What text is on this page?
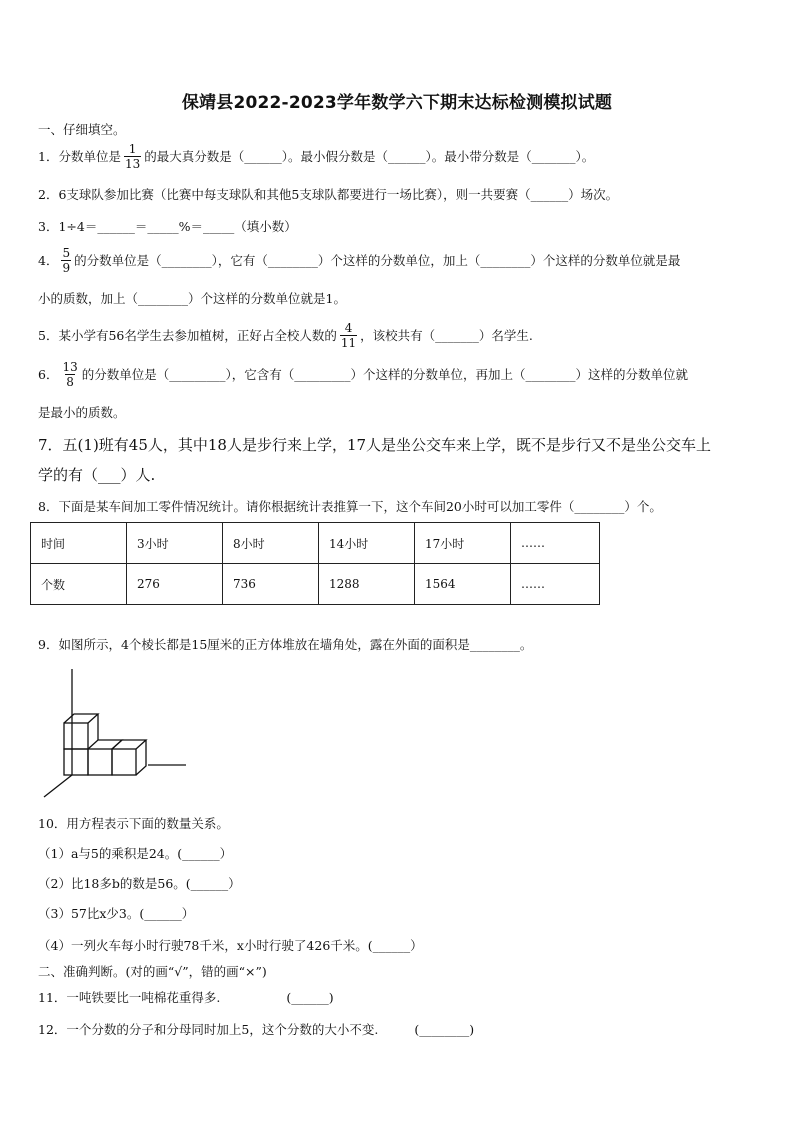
保靖县2022-2023学年数学六下期末达标检测模拟试题
一、仔细填空。
1．分数单位是 $\frac{1}{13}$ 的最大真分数是（ ______ ）。最小假分数是（ ______ ）。最小带分数是（ _______ ）。
2．6支球队参加比赛（比赛中每支球队和其他5支球队都要进行一场比赛），则一共要赛（______）场次。
3．1÷4＝______＝_____%＝_____（填小数）
4． $\frac{5}{9}$ 的分数单位是（________），它有（________）个这样的分数单位，加上（________）个这样的分数单位就是最
小的质数，加上（________）个这样的分数单位就是1。
5．某小学有56名学生去参加植树，正好占全校人数的 $\frac{4}{11}$ ，该校共有（_______）名学生.
6． $\frac{13}{8}$ 的分数单位是（_________），它含有（_________）个这样的分数单位，再加上（________）这样的分数单位就
是最小的质数。
7．五(1)班有45人，其中18人是步行来上学，17人是坐公交车来上学，既不是步行又不是坐公交车上
学的有（___）人.
8．下面是某车间加工零件情况统计。请你根据统计表推算一下，这个车间20小时可以加工零件（________）个。
时间	3小时	8小时	14小时	17小时	……
个数	276	736	1288	1564	……
9．如图所示，4个棱长都是15厘米的正方体堆放在墙角处，露在外面的面积是________。
10．用方程表示下面的数量关系。
（1）a与5的乘积是24。(______）
（2）比18多b的数是56。(______）
（3）57比x少3。(______）
（4）一列火车每小时行驶78千米，x小时行驶了426千米。(______）
二、准确判断。(对的画“√”，错的画“×”)
11．一吨铁要比一吨棉花重得多.	(______)
12．一个分数的分子和分母同时加上5，这个分数的大小不变.	(________)
